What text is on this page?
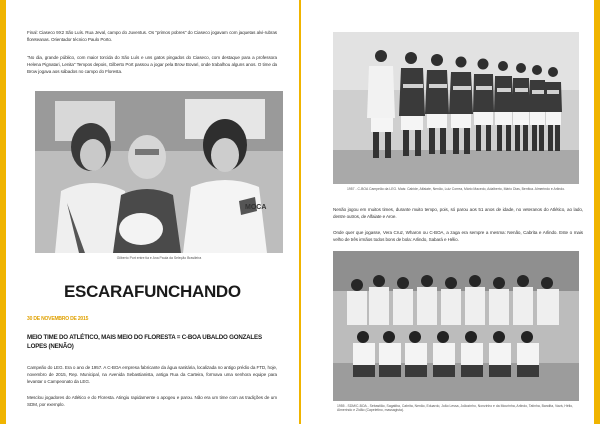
Final: Ciaseco 9X2 São Luís. Rua Jeval, campo do Juventus. Os "primos pobres" do Ciaseco jogavam com jaquetas alvi-rubras floreteanas. Orientador técnico Paulo Porto.
"No dia, grande público, com maior torcida do São Luís e uns gatos pingados do Ciaseco, com destaque para a professora Helena Pignatari, Lenita" Tempos depois, Gilberto Port passou a jogar pela Brow Bovari, onde trabalhou alguns anos. O time da Brow jogava aos sábados no campo do Floresta.
MOCA
Gilberto Port entre tia e Ana Paula da Seleção Brasileira
ESCARAFUNCHANDO
30 DE NOVEMBRO DE 2015
MEIO TIME DO ATLÉTICO, MAIS MEIO DO FLORESTA = C-BOA UBALDO GONZALES LOPES (NENÃO)
Campeão do LEG. Era o ano de 1957. A C-BOA empresa fabricante da água sanitária, localizada no antigo prédio da FTD, hoje, novembro de 2015, Rep. Municipal, na Avenida Sebastianista, antiga Rua da Carteira, formava uma senhora equipe para levantar o Campeonato da LEG.
Mesclou jogadores do Atlético e do Floresta. Atingiu rapidamente o apogeu e parou. Não era um time com as tradições de um SDM, por exemplo.
1957 - C-BOA Campeão da LEG. Mais: Cabide, Alfaiate, Nenão, Luiz Correa, Mário Macedo, Adalberto, Mário Dias, Benfica. Almerindo e Arlindo.
Nenão jogou em muitos times, durante muito tempo, pois, só parou aos 51 anos de idade, no veteranos do Atlético, ao lado, dentre outros, de Alfaiate e Aroe.
Onde quer que jogasse, Vera Cruz, Wharon ou C-BOA, a zaga era sempre a mesma: Nenão, Cabrita e Arlindo. Este o mais velho de três irmãos todos bons de bola: Arlindo, Sabará e Hélio.
1955 - SDM/C-BOA - Sebastião, Sagatiba, Cabrita, Nenão, Eduardo, João Lessa, Joãozinho, Nonzinho e da Mourinha, Arlindo, Tatinha, Bandita, Vavá, Hélio, Almerindo e Zidão (Capeletino, massagista).
